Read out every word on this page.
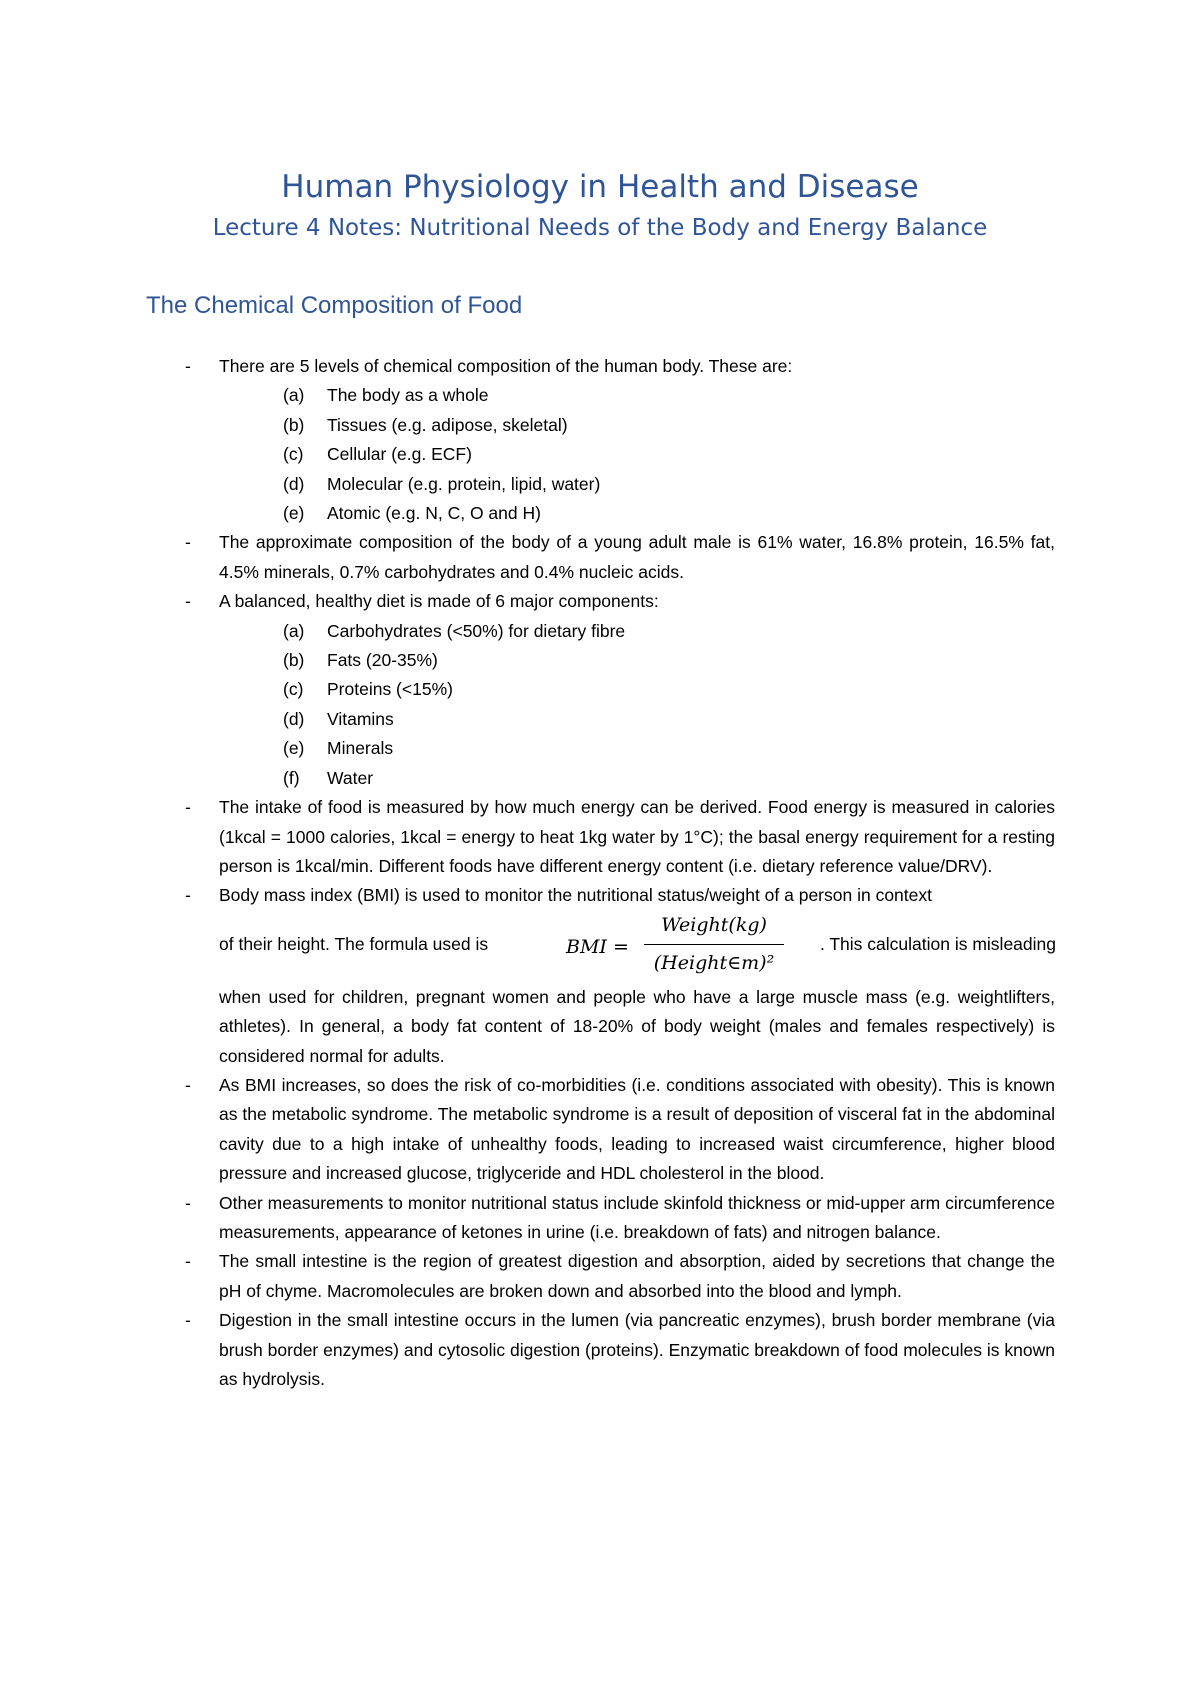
Human Physiology in Health and Disease
Lecture 4 Notes: Nutritional Needs of the Body and Energy Balance
The Chemical Composition of Food
- There are 5 levels of chemical composition of the human body. These are:
(a) The body as a whole
(b) Tissues (e.g. adipose, skeletal)
(c) Cellular (e.g. ECF)
(d) Molecular (e.g. protein, lipid, water)
(e) Atomic (e.g. N, C, O and H)
- The approximate composition of the body of a young adult male is 61% water, 16.8% protein, 16.5% fat, 4.5% minerals, 0.7% carbohydrates and 0.4% nucleic acids.
- A balanced, healthy diet is made of 6 major components:
(a) Carbohydrates (<50%) for dietary fibre
(b) Fats (20-35%)
(c) Proteins (<15%)
(d) Vitamins
(e) Minerals
(f) Water
- The intake of food is measured by how much energy can be derived. Food energy is measured in calories (1kcal = 1000 calories, 1kcal = energy to heat 1kg water by 1°C); the basal energy requirement for a resting person is 1kcal/min. Different foods have different energy content (i.e. dietary reference value/DRV).
- Body mass index (BMI) is used to monitor the nutritional status/weight of a person in context
of their height. The formula used is	BMI =
Weight(kg)
(Height∈m)²
. This calculation is misleading
when used for children, pregnant women and people who have a large muscle mass (e.g. weightlifters, athletes). In general, a body fat content of 18-20% of body weight (males and females respectively) is considered normal for adults.
- As BMI increases, so does the risk of co-morbidities (i.e. conditions associated with obesity). This is known as the metabolic syndrome. The metabolic syndrome is a result of deposition of visceral fat in the abdominal cavity due to a high intake of unhealthy foods, leading to increased waist circumference, higher blood pressure and increased glucose, triglyceride and HDL cholesterol in the blood.
- Other measurements to monitor nutritional status include skinfold thickness or mid-upper arm circumference measurements, appearance of ketones in urine (i.e. breakdown of fats) and nitrogen balance.
- The small intestine is the region of greatest digestion and absorption, aided by secretions that change the pH of chyme. Macromolecules are broken down and absorbed into the blood and lymph.
- Digestion in the small intestine occurs in the lumen (via pancreatic enzymes), brush border membrane (via brush border enzymes) and cytosolic digestion (proteins). Enzymatic breakdown of food molecules is known as hydrolysis.
